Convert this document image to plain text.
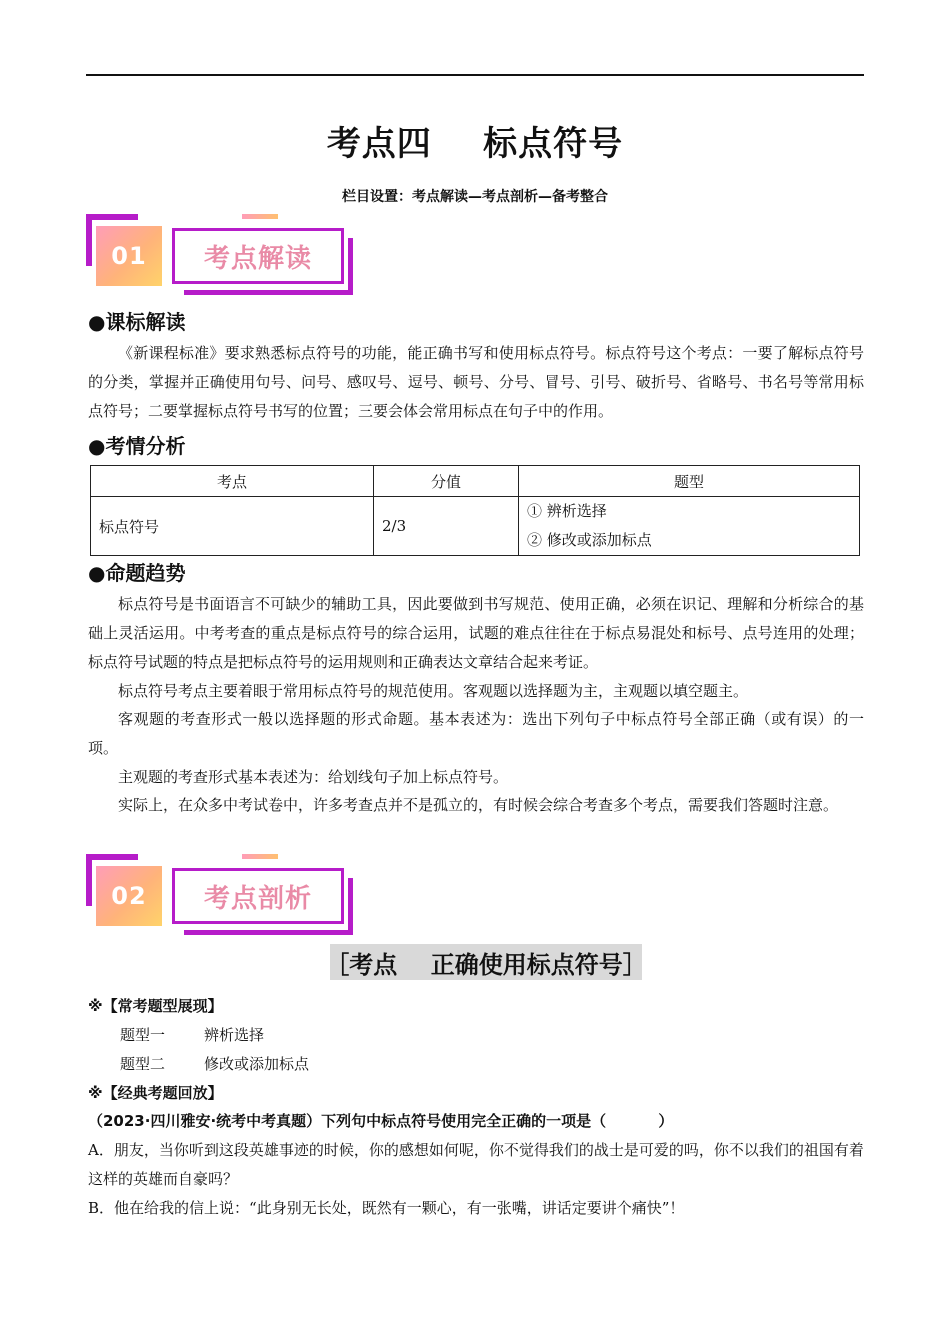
考点四    标点符号
栏目设置：考点解读—考点剖析—备考整合
01	考点解读
●课标解读
《新课程标准》要求熟悉标点符号的功能，能正确书写和使用标点符号。标点符号这个考点：一要了解标点符号的分类，掌握并正确使用句号、问号、感叹号、逗号、顿号、分号、冒号、引号、破折号、省略号、书名号等常用标点符号；二要掌握标点符号书写的位置；三要会体会常用标点在句子中的作用。
●考情分析
考点	分值	题型
标点符号	2/3	① 辨析选择
② 修改或添加标点
●命题趋势
标点符号是书面语言不可缺少的辅助工具，因此要做到书写规范、使用正确，必须在识记、理解和分析综合的基础上灵活运用。中考考查的重点是标点符号的综合运用，试题的难点往往在于标点易混处和标号、点号连用的处理；标点符号试题的特点是把标点符号的运用规则和正确表达文章结合起来考证。
标点符号考点主要着眼于常用标点符号的规范使用。客观题以选择题为主，主观题以填空题主。
客观题的考查形式一般以选择题的形式命题。基本表述为：选出下列句子中标点符号全部正确（或有误）的一项。
主观题的考查形式基本表述为：给划线句子加上标点符号。
实际上，在众多中考试卷中，许多考查点并不是孤立的，有时候会综合考查多个考点，需要我们答题时注意。
02	考点剖析
［考点    正确使用标点符号］
※【常考题型展现】
题型一	辨析选择
题型二	修改或添加标点
※【经典考题回放】
（2023·四川雅安·统考中考真题）下列句中标点符号使用完全正确的一项是（          ）
A．朋友，当你听到这段英雄事迹的时候，你的感想如何呢，你不觉得我们的战士是可爱的吗，你不以我们的祖国有着这样的英雄而自豪吗？
B．他在给我的信上说：“此身别无长处，既然有一颗心，有一张嘴，讲话定要讲个痛快”！
